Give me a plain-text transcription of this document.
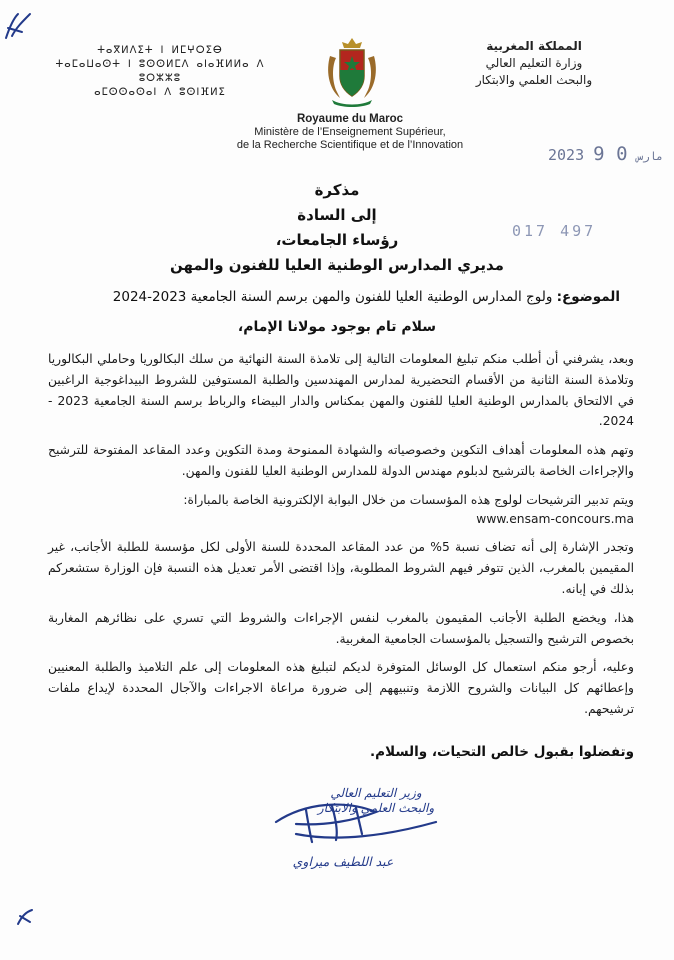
ⵜⴰⴳⵍⴷⵉⵜ ⵏ ⵍⵎⵖⵔⵉⴱ
ⵜⴰⵎⴰⵡⴰⵙⵜ ⵏ ⵓⵙⵙⵍⵎⴷ ⴰⵏⴰⴼⵍⵍⴰ ⴷ ⵓⵔⵣⵣⵓ
ⴰⵎⵙⵙⴰⵙⴰⵏ ⴷ ⵓⵙⵏⴼⵍⵉ
المملكة المغربية
وزارة التعليم العالي
والبحث العلمي والابتكار
Royaume du Maroc
Ministère de l’Enseignement Supérieur,
de la Recherche Scientifique et de l’Innovation
2023	مارس 0 9
017 497
مذكرة
إلى السادة
رؤساء الجامعات،
مديري المدارس الوطنية العليا للفنون والمهن
الموضوع: ولوج المدارس الوطنية العليا للفنون والمهن برسم السنة الجامعية 2023-2024
سلام تام بوجود مولانا الإمام،

وبعد، يشرفني أن أطلب منكم تبليغ المعلومات التالية إلى تلامذة السنة النهائية من سلك البكالوريا وحاملي البكالوريا وتلامذة السنة الثانية من الأقسام التحضيرية لمدارس المهندسين والطلبة المستوفين للشروط البيداغوجية الراغبين في الالتحاق بالمدارس الوطنية العليا للفنون والمهن بمكناس والدار البيضاء والرباط برسم السنة الجامعية 2023 - 2024.

وتهم هذه المعلومات أهداف التكوين وخصوصياته والشهادة الممنوحة ومدة التكوين وعدد المقاعد المفتوحة للترشيح والإجراءات الخاصة بالترشيح لدبلوم مهندس الدولة للمدارس الوطنية العليا للفنون والمهن.

ويتم تدبير الترشيحات لولوج هذه المؤسسات من خلال البوابة الإلكترونية الخاصة بالمباراة:

www.ensam-concours.ma

وتجدر الإشارة إلى أنه تضاف نسبة 5% من عدد المقاعد المحددة للسنة الأولى لكل مؤسسة للطلبة الأجانب، غير المقيمين بالمغرب، الذين تتوفر فيهم الشروط المطلوبة، وإذا اقتضى الأمر تعديل هذه النسبة فإن الوزارة ستشعركم بذلك في إبانه.

هذا، ويخضع الطلبة الأجانب المقيمون بالمغرب لنفس الإجراءات والشروط التي تسري على نظائرهم المغاربة بخصوص الترشيح والتسجيل بالمؤسسات الجامعية المغربية.

وعليه، أرجو منكم استعمال كل الوسائل المتوفرة لديكم لتبليغ هذه المعلومات إلى علم التلاميذ والطلبة المعنيين وإعطائهم كل البيانات والشروح اللازمة وتنبيههم إلى ضرورة مراعاة الاجراءات والآجال المحددة لإيداع ملفات ترشيحهم.

وتفضلوا بقبول خالص التحيات، والسلام.
وزير التعليم العالي
والبحث العلمي والابتكار
عبد اللطيف ميراوي
